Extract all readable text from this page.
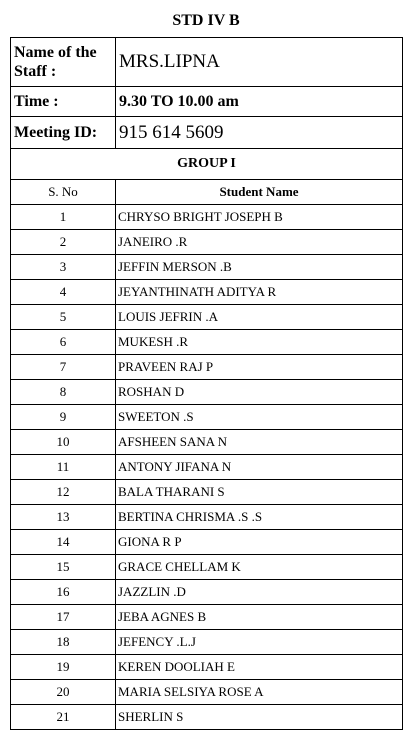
STD IV B
Name of the Staff :	MRS.LIPNA
Time :	9.30 TO 10.00 am
Meeting ID:	915 614 5609
GROUP I	
S. No	Student Name
1	CHRYSO BRIGHT JOSEPH B
2	JANEIRO .R
3	JEFFIN MERSON .B
4	JEYANTHINATH ADITYA R
5	LOUIS JEFRIN .A
6	MUKESH .R
7	PRAVEEN RAJ P
8	ROSHAN D
9	SWEETON .S
10	AFSHEEN SANA N
11	ANTONY JIFANA N
12	BALA THARANI S
13	BERTINA CHRISMA .S .S
14	GIONA R P
15	GRACE CHELLAM K
16	JAZZLIN .D
17	JEBA AGNES B
18	JEFENCY .L.J
19	KEREN DOOLIAH E
20	MARIA SELSIYA ROSE A
21	SHERLIN S
